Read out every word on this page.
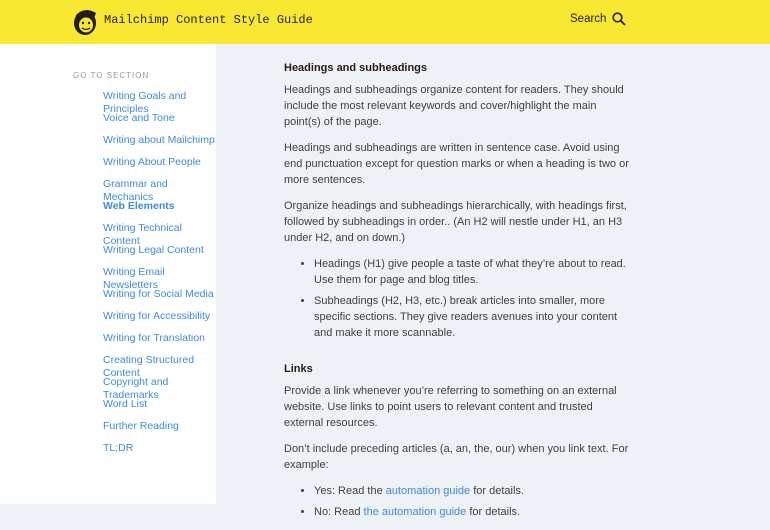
Mailchimp Content Style Guide	Search
GO TO SECTION
Writing Goals and Principles
Voice and Tone
Writing about Mailchimp
Writing About People
Grammar and Mechanics
Web Elements
Writing Technical Content
Writing Legal Content
Writing Email Newsletters
Writing for Social Media
Writing for Accessibility
Writing for Translation
Creating Structured Content
Copyright and Trademarks
Word List
Further Reading
TL;DR
Headings and subheadings

Headings and subheadings organize content for readers. They should include the most relevant keywords and cover/highlight the main point(s) of the page.

Headings and subheadings are written in sentence case. Avoid using end punctuation except for question marks or when a heading is two or more sentences.

Organize headings and subheadings hierarchically, with headings first, followed by subheadings in order.. (An H2 will nestle under H1, an H3 under H2, and on down.)

• Headings (H1) give people a taste of what they’re about to read. Use them for page and blog titles.
• Subheadings (H2, H3, etc.) break articles into smaller, more specific sections. They give readers avenues into your content and make it more scannable.
Links

Provide a link whenever you’re referring to something on an external website. Use links to point users to relevant content and trusted external resources.

Don’t include preceding articles (a, an, the, our) when you link text. For example:

• Yes: Read the automation guide for details.
• No: Read the automation guide for details.
